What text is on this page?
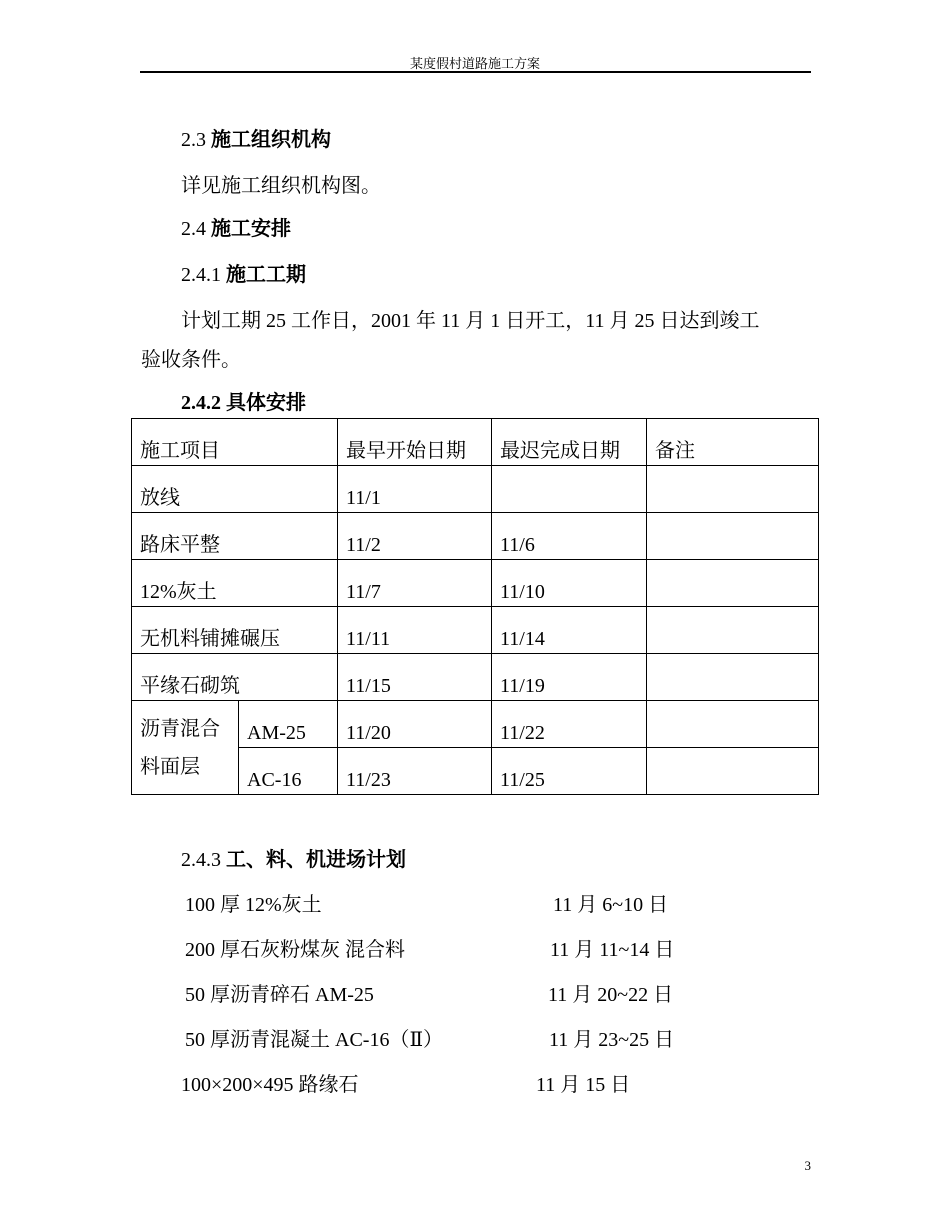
某度假村道路施工方案
2.3 施工组织机构
详见施工组织机构图。
2.4 施工安排
2.4.1 施工工期
计划工期 25 工作日，2001 年 11 月 1 日开工，11 月 25 日达到竣工
验收条件。
2.4.2 具体安排
施工项目		最早开始日期	最迟完成日期	备注
放线		11/1		
路床平整		11/2	11/6	
12%灰土		11/7	11/10	
无机料铺摊碾压		11/11	11/14	
平缘石砌筑		11/15	11/19	

沥青混合
料面层	AM-25	11/20	11/22	
	AC-16	11/23	11/25	
2.4.3 工、料、机进场计划
100 厚 12%灰土	11 月 6~10 日
200 厚石灰粉煤灰 混合料	11 月 11~14 日
50 厚沥青碎石 AM-25	11 月 20~22 日
50 厚沥青混凝土 AC-16（Ⅱ）	11 月 23~25 日
100×200×495 路缘石	11 月 15 日
3
